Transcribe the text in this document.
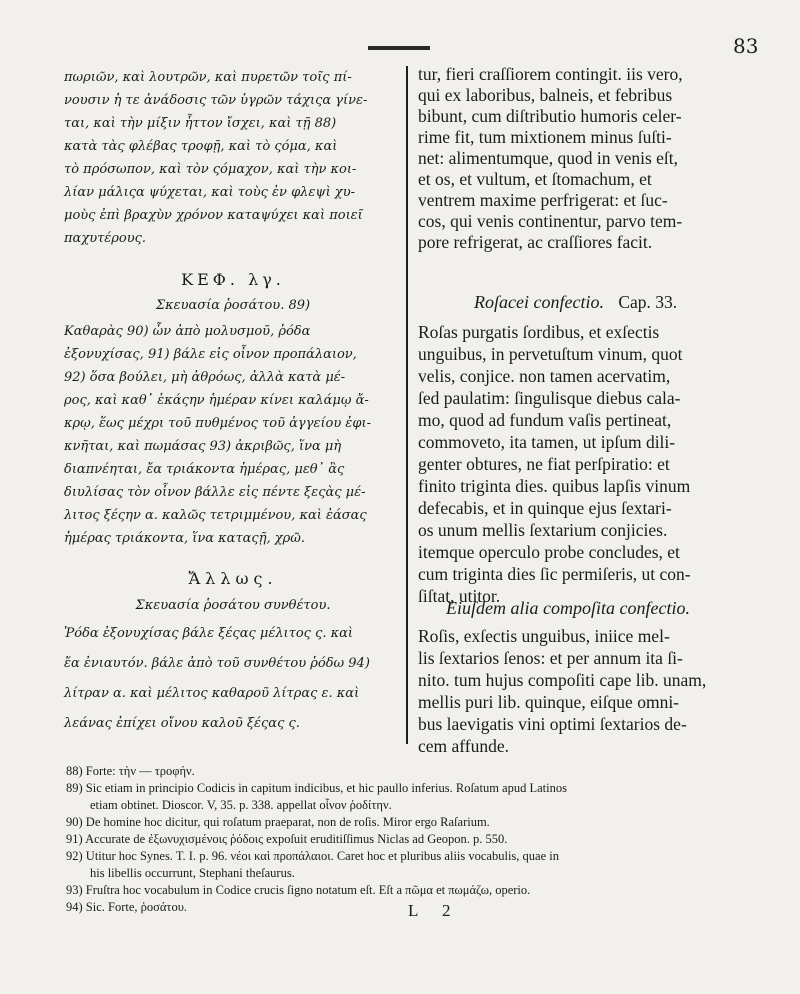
83
πωριῶν, καὶ λουτρῶν, καὶ πυρετῶν τοῖς πί-
νουσιν ἡ τε ἀνάδοσις τῶν ὑγρῶν τάχιςα γίνε-
ται, καὶ τὴν μίξιν ἧττον ἴσχει, καὶ τῇ 88)
κατὰ τὰς φλέβας τροφῇ, καὶ τὸ ςόμα, καὶ
τὸ πρόσωπον, καὶ τὸν ςόμαχον, καὶ τὴν κοι-
λίαν μάλιςα ψύχεται, καὶ τοὺς ἐν φλεψὶ χυ-
μοὺς ἐπὶ βραχὺν χρόνον καταψύχει καὶ ποιεῖ
παχυτέρους.
ΚΕΦ. λγ.
Σκευασία ῥοσάτου. 89)
Καθαρὰς 90) ὧν ἀπὸ μολυσμοῦ, ῥόδα
ἐξονυχίσας, 91) βάλε εἰς οἶνον προπάλαιον,
92) ὅσα βούλει, μὴ ἀθρόως, ἀλλὰ κατὰ μέ-
ρος, καὶ καθ᾽ ἑκάςην ἡμέραν κίνει καλάμῳ ἄ-
κρῳ, ἕως μέχρι τοῦ πυθμένος τοῦ ἀγγείου ἐφι-
κνῆται, καὶ πωμάσας 93) ἀκριβῶς, ἵνα μὴ
διαπνέηται, ἔα τριάκοντα ἡμέρας, μεθ᾽ ἃς
διυλίσας τὸν οἶνον βάλλε εἰς πέντε ξεςὰς μέ-
λιτος ξέςην α. καλῶς τετριμμένου, καὶ ἐάσας
ἡμέρας τριάκοντα, ἵνα καταςῇ, χρῶ.
Ἄλλως.
Σκευασία ῥοσάτου συνθέτου.
Ῥόδα ἐξονυχίσας βάλε ξέςας μέλιτος ς. καὶ
ἔα ἐνιαυτόν. βάλε ἀπὸ τοῦ συνθέτου ῥόδω 94)
λίτραν α. καὶ μέλιτος καθαροῦ λίτρας ε. καὶ
λεάνας ἐπίχει οἴνου καλοῦ ξέςας ς.
tur, fieri craſſiorem contingit. iis vero,
qui ex laboribus, balneis, et febribus
bibunt, cum diſtributio humoris celer-
rime fit, tum mixtionem minus ſuſti-
net: alimentumque, quod in venis eſt,
et os, et vultum, et ſtomachum, et
ventrem maxime perfrigerat: et ſuc-
cos, qui venis continentur, parvo tem-
pore refrigerat, ac craſſiores facit.
Roſacei confectio. Cap. 33.
Roſas purgatis ſordibus, et exſectis
unguibus, in pervetuſtum vinum, quot
velis, conjice. non tamen acervatim,
ſed paulatim: ſingulisque diebus cala-
mo, quod ad fundum vaſis pertineat,
commoveto, ita tamen, ut ipſum dili-
genter obtures, ne fiat perſpiratio: et
finito triginta dies. quibus lapſis vinum
defecabis, et in quinque ejus ſextari-
os unum mellis ſextarium conjicies.
itemque operculo probe concludes, et
cum triginta dies ſic permiſeris, ut con-
ſiſtat, utitor.
Eiuſdem alia compoſita confectio.
Roſis, exſectis unguibus, iniice mel-
lis ſextarios ſenos: et per annum ita ſi-
nito. tum hujus compoſiti cape lib. unam,
mellis puri lib. quinque, eiſque omni-
bus laevigatis vini optimi ſextarios de-
cem affunde.
88) Forte: τὴν — τροφήν.
89) Sic etiam in principio Codicis in capitum indicibus, et hic paullo inferius. Roſatum apud Latinos
etiam obtinet. Dioscor. V, 35. p. 338. appellat οἶνον ῥοδίτην.
90) De homine hoc dicitur, qui roſatum praeparat, non de roſis. Miror ergo Raſarium.
91) Accurate de ἐξωνυχισμένοις ῥόδοις expoſuit eruditiſſimus Niclas ad Geopon. p. 550.
92) Utitur hoc Synes. T. I. p. 96. νέοι καὶ προπάλαιοι. Caret hoc et pluribus aliis vocabulis, quae in
his libellis occurrunt, Stephani theſaurus.
93) Fruſtra hoc vocabulum in Codice crucis ſigno notatum eſt. Eſt a πῶμα et πωμάζω, operio.
94) Sic. Forte, ῥοσάτου.	L 2
